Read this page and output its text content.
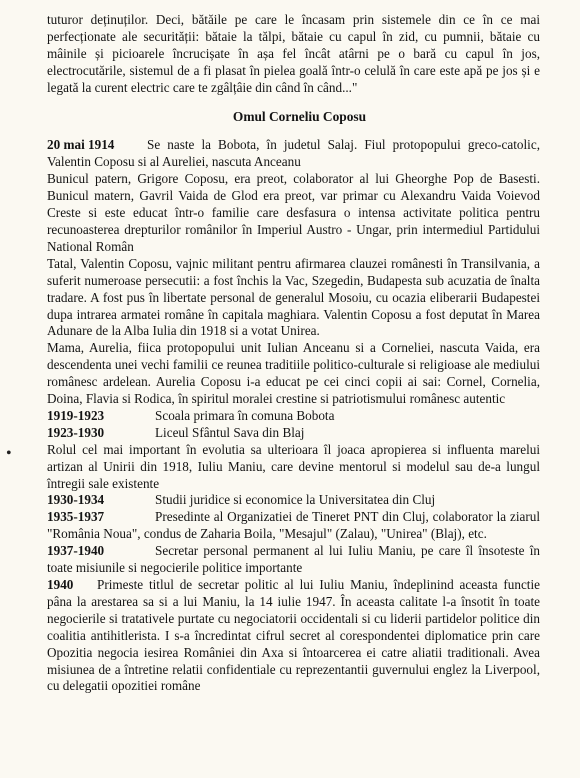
tuturor deținuților. Deci, bătăile pe care le încasam prin sistemele din ce în ce mai perfecționate ale securității: bătaie la tălpi, bătaie cu capul în zid, cu pumnii, bătaie cu mâinile și picioarele încrucișate în așa fel încât atârni pe o bară cu capul în jos, electrocutările, sistemul de a fi plasat în pielea goală într-o celulă în care este apă pe jos și e legată la curent electric care te zgâlțâie din când în când..."

Omul Corneliu Coposu

20 mai 1914 Se naste la Bobota, în judetul Salaj. Fiul protopopului greco-catolic, Valentin Coposu si al Aureliei, nascuta Anceanu

Bunicul patern, Grigore Coposu, era preot, colaborator al lui Gheorghe Pop de Basesti. Bunicul matern, Gavril Vaida de Glod era preot, var primar cu Alexandru Vaida Voievod Creste si este educat într-o familie care desfasura o intensa activitate politica pentru recunoasterea drepturilor românilor în Imperiul Austro - Ungar, prin intermediul Partidului National Român

Tatal, Valentin Coposu, vajnic militant pentru afirmarea clauzei românesti în Transilvania, a suferit numeroase persecutii: a fost închis la Vac, Szegedin, Budapesta sub acuzatia de înalta tradare. A fost pus în libertate personal de generalul Mosoiu, cu ocazia eliberarii Budapestei dupa intrarea armatei române în capitala maghiara. Valentin Coposu a fost deputat în Marea Adunare de la Alba Iulia din 1918 si a votat Unirea.

Mama, Aurelia, fiica protopopului unit Iulian Anceanu si a Corneliei, nascuta Vaida, era descendenta unei vechi familii ce reunea traditiile politico-culturale si religioase ale mediului românesc ardelean. Aurelia Coposu i-a educat pe cei cinci copii ai sai: Cornel, Cornelia, Doina, Flavia si Rodica, în spiritul moralei crestine si patriotismului românesc autentic

1919-1923	Scoala primara în comuna Bobota

1923-1930	Liceul Sfântul Sava din Blaj

Rolul cel mai important în evolutia sa ulterioara îl joaca apropierea si influenta marelui artizan al Unirii din 1918, Iuliu Maniu, care devine mentorul si modelul sau de-a lungul întregii sale existente

1930-1934	Studii juridice si economice la Universitatea din Cluj

1935-1937	Presedinte al Organizatiei de Tineret PNT din Cluj, colaborator la ziarul "România Noua", condus de Zaharia Boila, "Mesajul" (Zalau), "Unirea" (Blaj), etc.

1937-1940	Secretar personal permanent al lui Iuliu Maniu, pe care îl însoteste în toate misiunile si negocierile politice importante

1940 Primeste titlul de secretar politic al lui Iuliu Maniu, îndeplinind aceasta functie pâna la arestarea sa si a lui Maniu, la 14 iulie 1947. În aceasta calitate l-a însotit în toate negocierile si tratativele purtate cu negociatorii occidentali si cu liderii partidelor politice din coalitia antihitlerista. I s-a încredintat cifrul secret al corespondentei diplomatice prin care Opozitia negocia iesirea României din Axa si întoarcerea ei catre aliatii traditionali. Avea misiunea de a întretine relatii confidentiale cu reprezentantii guvernului englez la Liverpool, cu delegatii opozitiei române

•
